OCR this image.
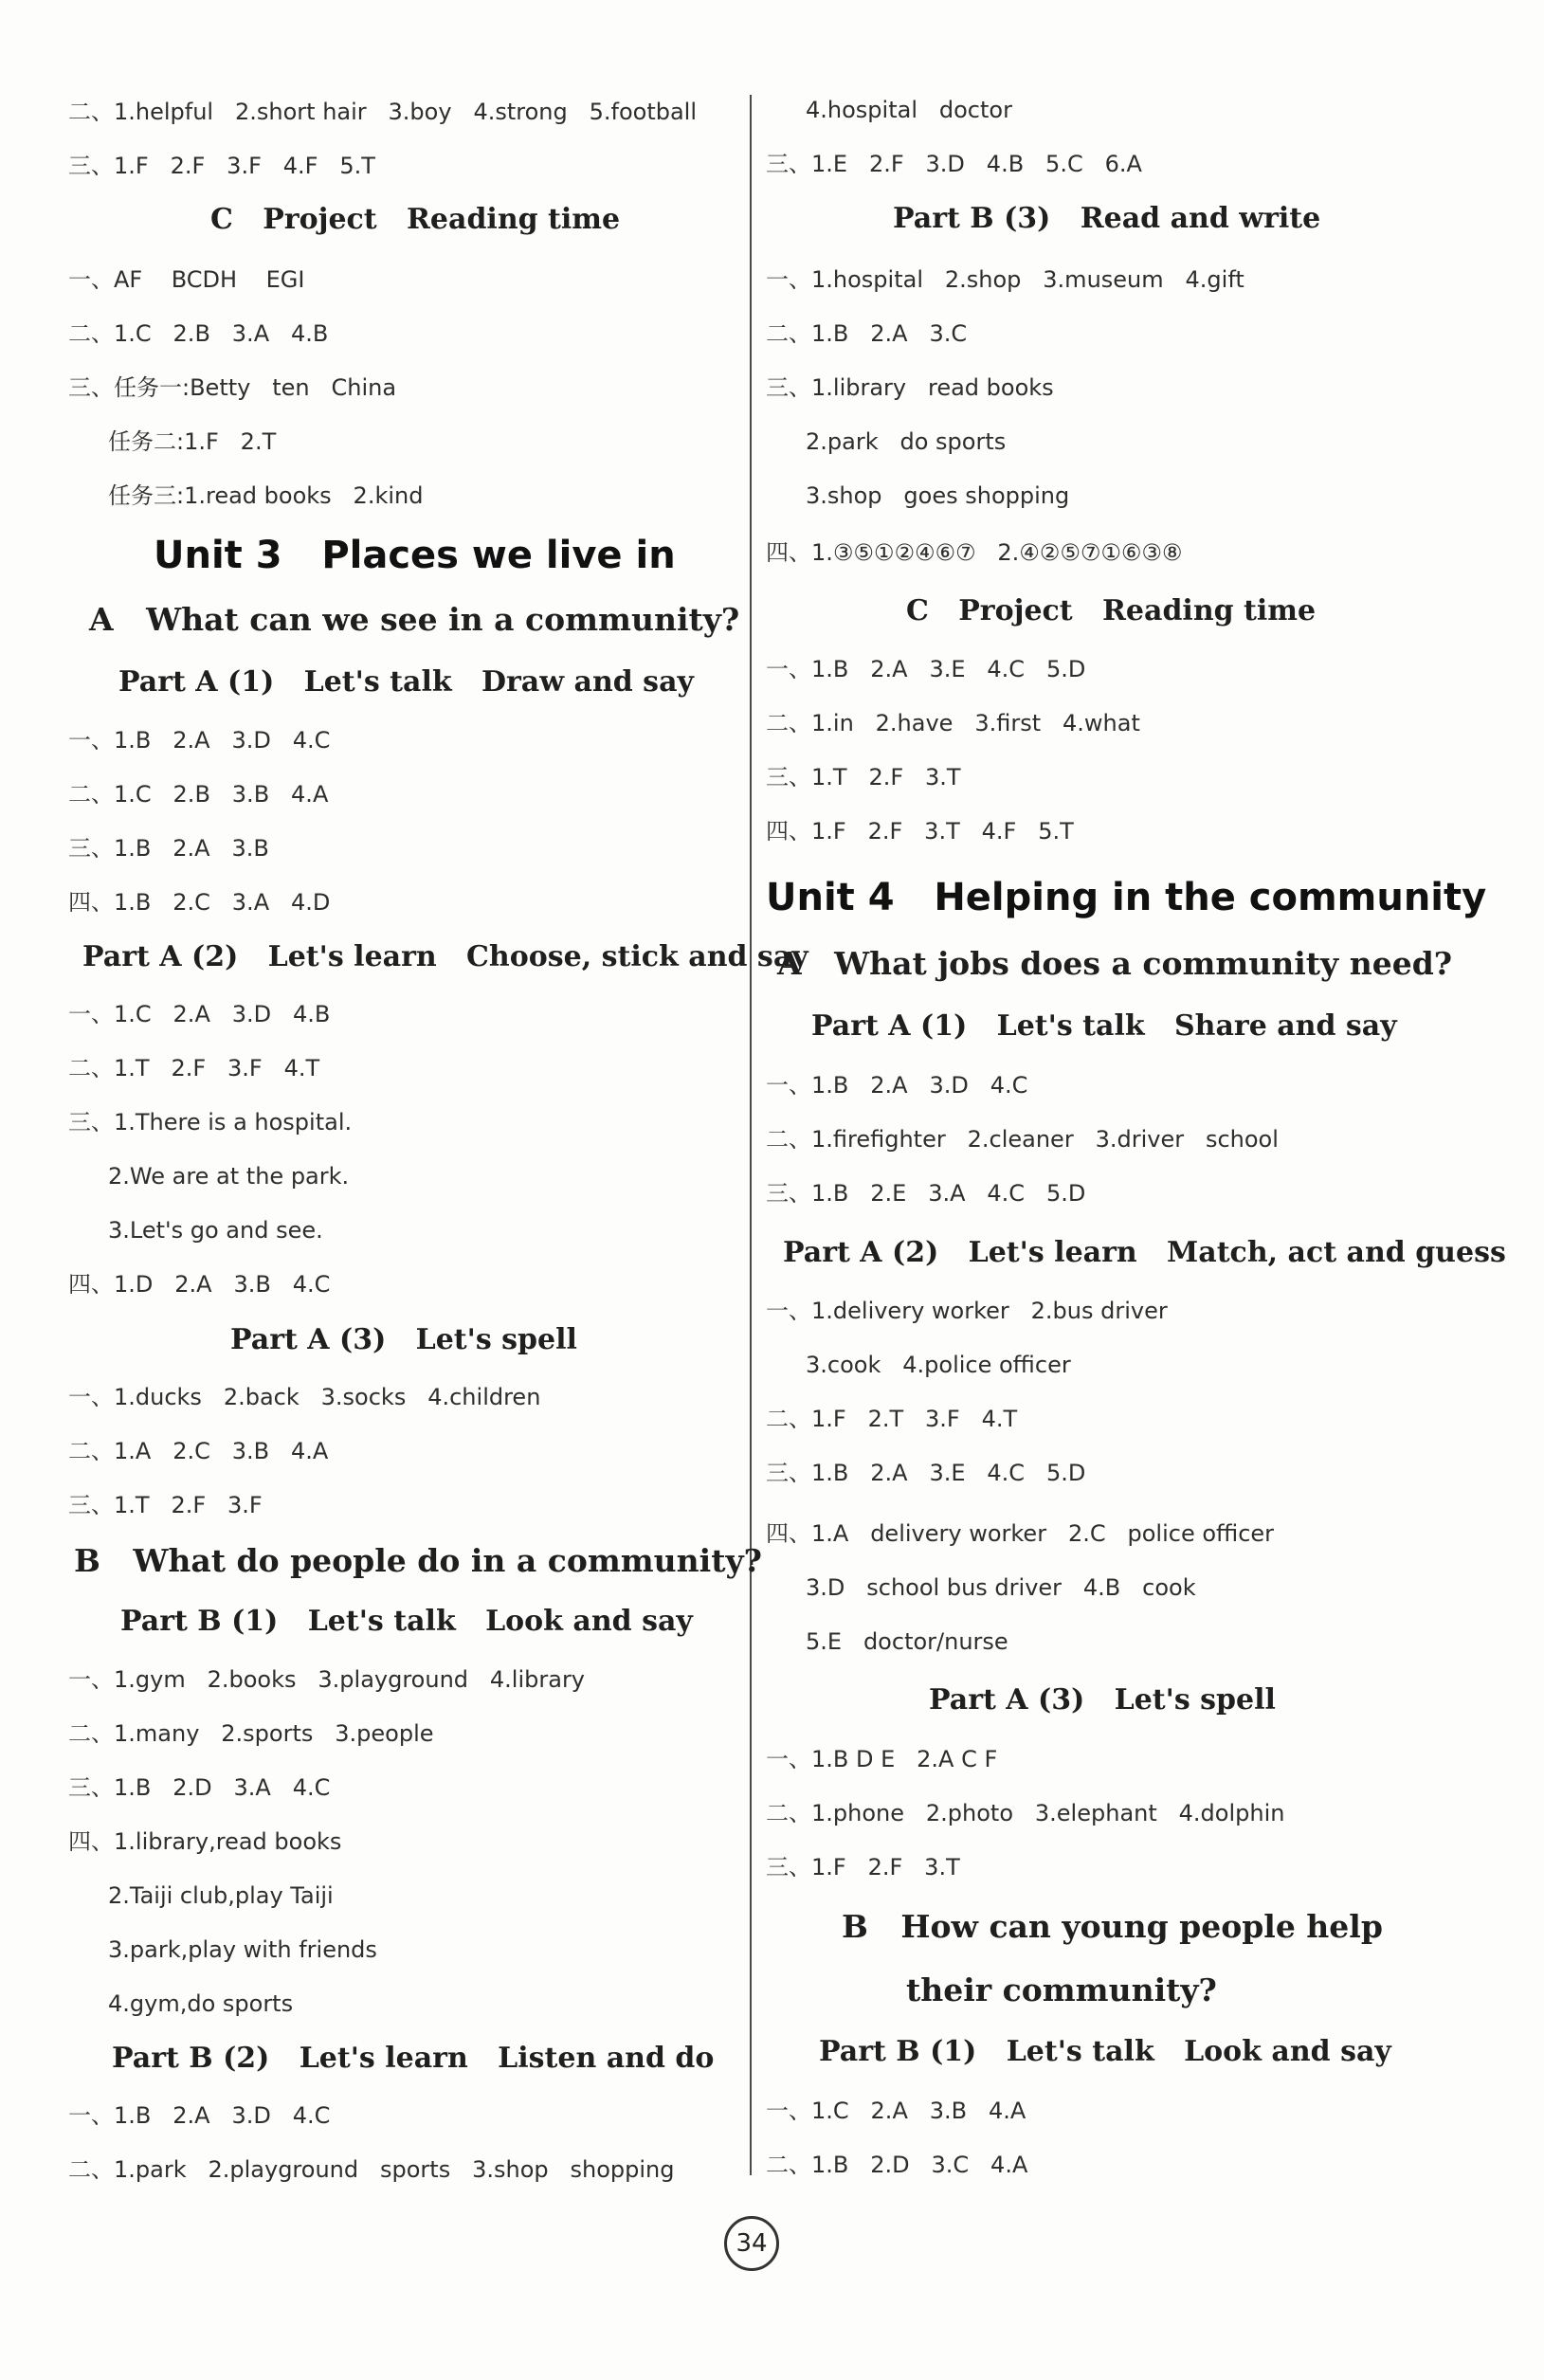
二、1.helpful   2.short hair   3.boy   4.strong   5.football
三、1.F   2.F   3.F   4.F   5.T
C   Project   Reading time
一、AF    BCDH    EGI
二、1.C   2.B   3.A   4.B
三、任务一:Betty   ten   China
任务二:1.F   2.T
任务三:1.read books   2.kind
Unit 3   Places we live in
A   What can we see in a community?
Part A (1)   Let's talk   Draw and say
一、1.B   2.A   3.D   4.C
二、1.C   2.B   3.B   4.A
三、1.B   2.A   3.B
四、1.B   2.C   3.A   4.D
Part A (2)   Let's learn   Choose, stick and say
一、1.C   2.A   3.D   4.B
二、1.T   2.F   3.F   4.T
三、1.There is a hospital.
2.We are at the park.
3.Let's go and see.
四、1.D   2.A   3.B   4.C
Part A (3)   Let's spell
一、1.ducks   2.back   3.socks   4.children
二、1.A   2.C   3.B   4.A
三、1.T   2.F   3.F
B   What do people do in a community?
Part B (1)   Let's talk   Look and say
一、1.gym   2.books   3.playground   4.library
二、1.many   2.sports   3.people
三、1.B   2.D   3.A   4.C
四、1.library,read books
2.Taiji club,play Taiji
3.park,play with friends
4.gym,do sports
Part B (2)   Let's learn   Listen and do
一、1.B   2.A   3.D   4.C
二、1.park   2.playground   sports   3.shop   shopping
4.hospital   doctor
三、1.E   2.F   3.D   4.B   5.C   6.A
Part B (3)   Read and write
一、1.hospital   2.shop   3.museum   4.gift
二、1.B   2.A   3.C
三、1.library   read books
2.park   do sports
3.shop   goes shopping
四、1.③⑤①②④⑥⑦   2.④②⑤⑦①⑥③⑧
C   Project   Reading time
一、1.B   2.A   3.E   4.C   5.D
二、1.in   2.have   3.first   4.what
三、1.T   2.F   3.T
四、1.F   2.F   3.T   4.F   5.T
Unit 4   Helping in the community
A   What jobs does a community need?
Part A (1)   Let's talk   Share and say
一、1.B   2.A   3.D   4.C
二、1.firefighter   2.cleaner   3.driver   school
三、1.B   2.E   3.A   4.C   5.D
Part A (2)   Let's learn   Match, act and guess
一、1.delivery worker   2.bus driver
3.cook   4.police officer
二、1.F   2.T   3.F   4.T
三、1.B   2.A   3.E   4.C   5.D
四、1.A   delivery worker   2.C   police officer
3.D   school bus driver   4.B   cook
5.E   doctor/nurse
Part A (3)   Let's spell
一、1.B D E   2.A C F
二、1.phone   2.photo   3.elephant   4.dolphin
三、1.F   2.F   3.T
B   How can young people help
their community?
Part B (1)   Let's talk   Look and say
一、1.C   2.A   3.B   4.A
二、1.B   2.D   3.C   4.A
34
